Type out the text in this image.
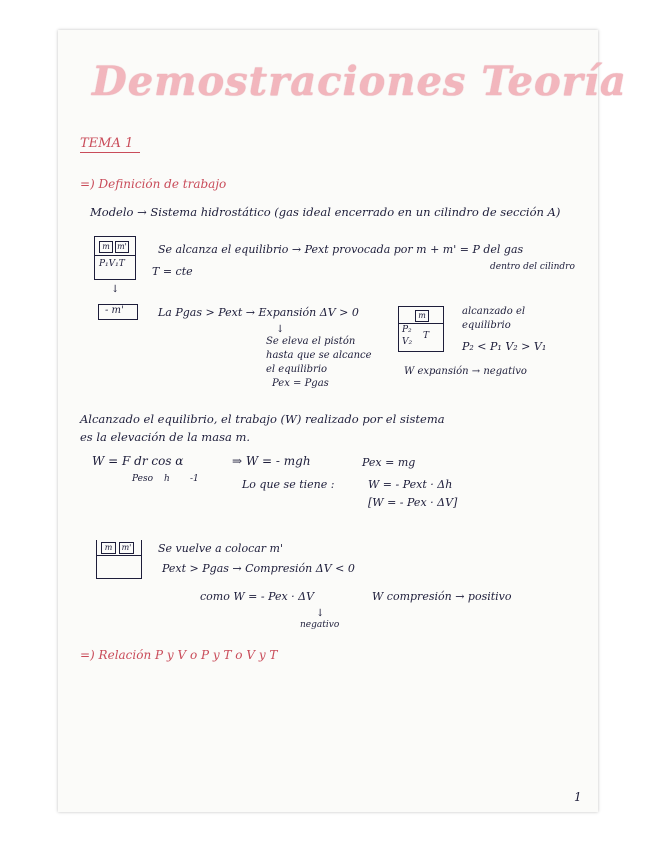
Demostraciones Teoría
TEMA 1
=) Definición de trabajo
Modelo → Sistema hidrostático (gas ideal encerrado en un cilindro de sección A)
m m'
P₁V₁T
Se alcanza el equilibrio → Pext provocada por m + m' = P del gas
dentro del cilindro
T = cte
↓
- m'	La Pgas > Pext → Expansión ΔV > 0
↓
Se eleva el pistón
hasta que se alcance
el equilibrio
Pex = Pgas
m
P₂
V₂
T
alcanzado el
equilibrio
P₂ < P₁ V₂ > V₁
W expansión → negativo
Alcanzado el equilibrio, el trabajo (W) realizado por el sistema
es la elevación de la masa m.
W = F dr cos α
Peso h -1
⇒ W = - mgh	Pex = mg
Lo que se tiene :	W = - Pext · Δh
[W = - Pex · ΔV]
m	m' Se vuelve a colocar m'
Pext > Pgas → Compresión ΔV < 0
como W = - Pex · ΔV
↓
negativo
W compresión → positivo
=) Relación P y V o P y T o V y T
1
